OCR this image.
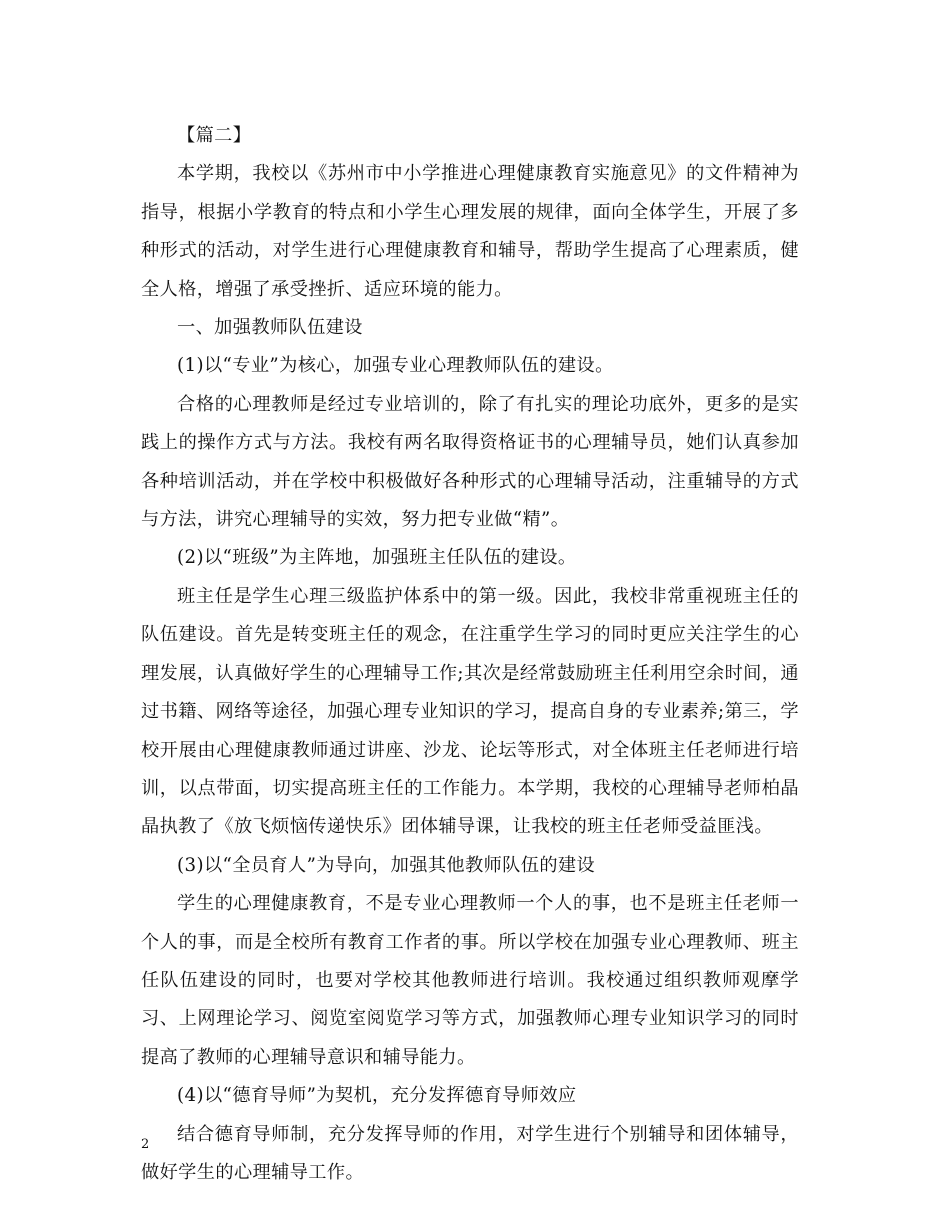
【篇二】

本学期，我校以《苏州市中小学推进心理健康教育实施意见》的文件精神为指导，根据小学教育的特点和小学生心理发展的规律，面向全体学生，开展了多种形式的活动，对学生进行心理健康教育和辅导，帮助学生提高了心理素质，健全人格，增强了承受挫折、适应环境的能力。

一、加强教师队伍建设

(1)以“专业”为核心，加强专业心理教师队伍的建设。

合格的心理教师是经过专业培训的，除了有扎实的理论功底外，更多的是实践上的操作方式与方法。我校有两名取得资格证书的心理辅导员，她们认真参加各种培训活动，并在学校中积极做好各种形式的心理辅导活动，注重辅导的方式与方法，讲究心理辅导的实效，努力把专业做“精”。

(2)以“班级”为主阵地，加强班主任队伍的建设。

班主任是学生心理三级监护体系中的第一级。因此，我校非常重视班主任的队伍建设。首先是转变班主任的观念，在注重学生学习的同时更应关注学生的心理发展，认真做好学生的心理辅导工作;其次是经常鼓励班主任利用空余时间，通过书籍、网络等途径，加强心理专业知识的学习，提高自身的专业素养;第三，学校开展由心理健康教师通过讲座、沙龙、论坛等形式，对全体班主任老师进行培训，以点带面，切实提高班主任的工作能力。本学期，我校的心理辅导老师柏晶晶执教了《放飞烦恼传递快乐》团体辅导课，让我校的班主任老师受益匪浅。

(3)以“全员育人”为导向，加强其他教师队伍的建设

学生的心理健康教育，不是专业心理教师一个人的事，也不是班主任老师一个人的事，而是全校所有教育工作者的事。所以学校在加强专业心理教师、班主任队伍建设的同时，也要对学校其他教师进行培训。我校通过组织教师观摩学习、上网理论学习、阅览室阅览学习等方式，加强教师心理专业知识学习的同时提高了教师的心理辅导意识和辅导能力。

(4)以“德育导师”为契机，充分发挥德育导师效应

结合德育导师制，充分发挥导师的作用，对学生进行个别辅导和团体辅导，做好学生的心理辅导工作。

2
